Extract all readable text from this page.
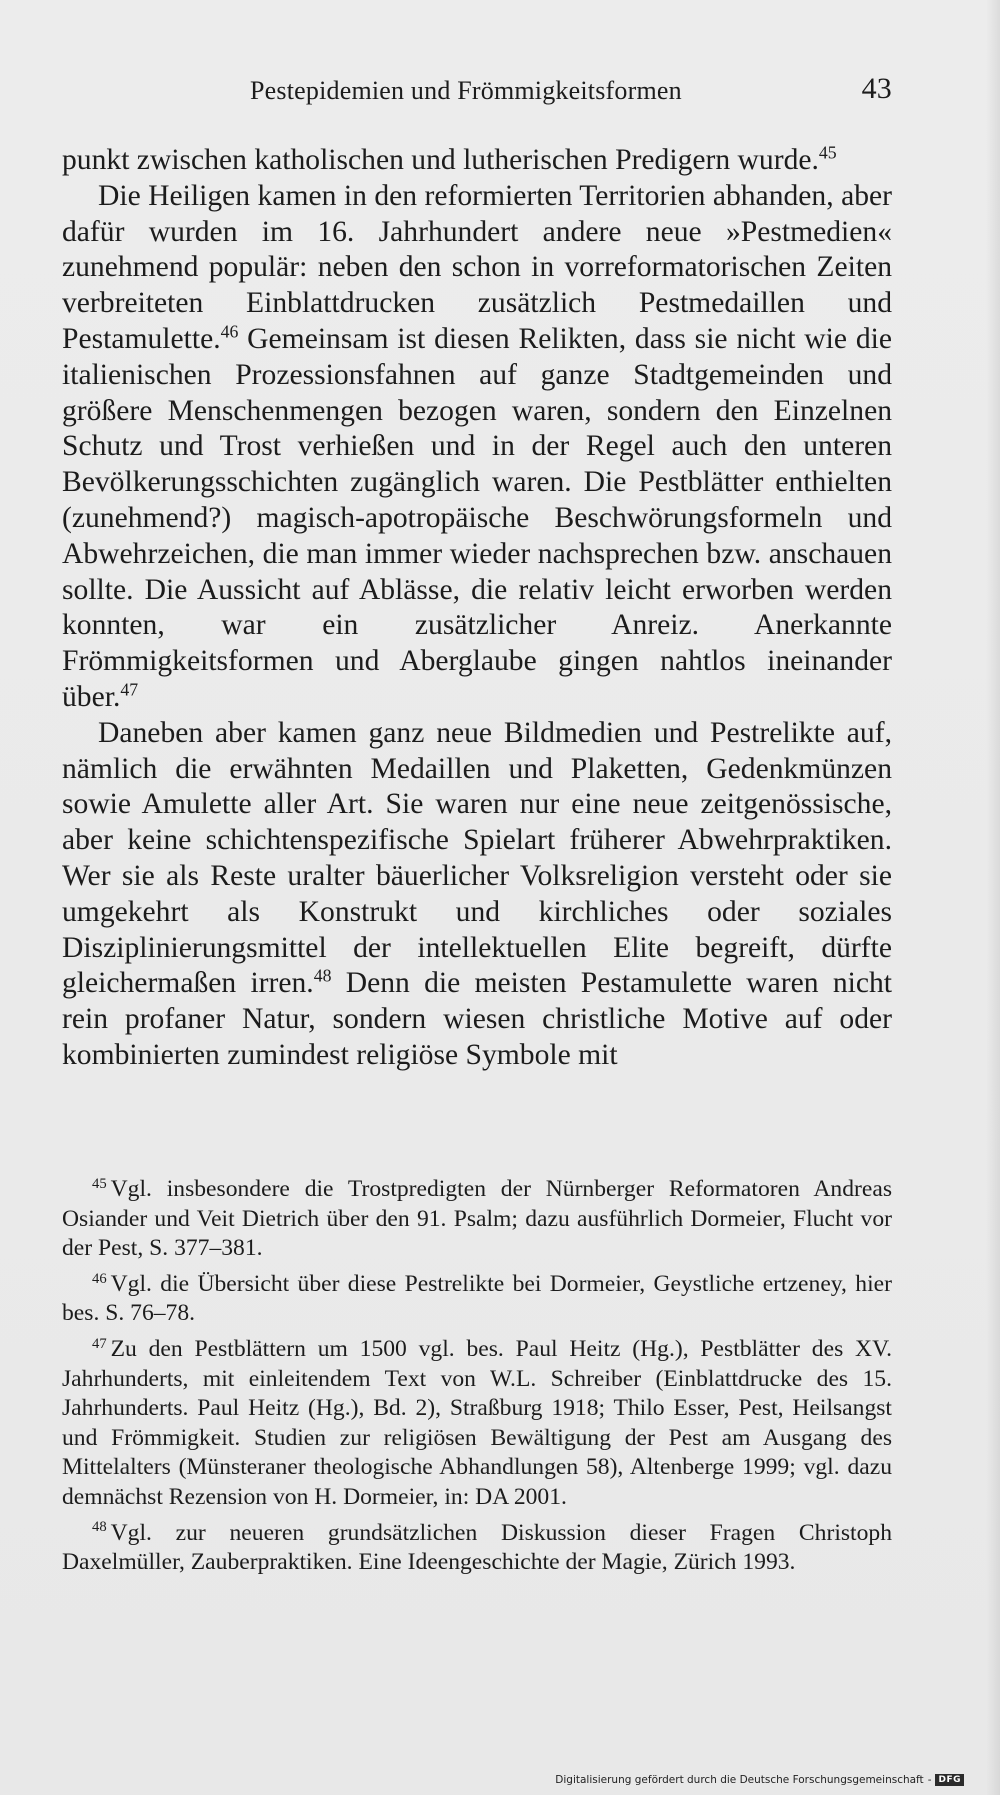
Pestepidemien und Frömmigkeitsformen	43

punkt zwischen katholischen und lutherischen Predigern wurde.$^{45}$

Die Heiligen kamen in den reformierten Territorien abhanden, aber dafür wurden im 16. Jahrhundert andere neue »Pestmedien« zunehmend populär: neben den schon in vorreformatorischen Zeiten verbreiteten Einblattdrucken zusätzlich Pestmedaillen und Pestamulette.$^{46}$ Gemeinsam ist diesen Relikten, dass sie nicht wie die italienischen Prozessionsfahnen auf ganze Stadtgemeinden und größere Menschenmengen bezogen waren, sondern den Einzelnen Schutz und Trost verhießen und in der Regel auch den unteren Bevölkerungsschichten zugänglich waren. Die Pestblätter enthielten (zunehmend?) magisch-apotropäische Beschwörungsformeln und Abwehrzeichen, die man immer wieder nachsprechen bzw. anschauen sollte. Die Aussicht auf Ablässe, die relativ leicht erworben werden konnten, war ein zusätzlicher Anreiz. Anerkannte Frömmigkeitsformen und Aberglaube gingen nahtlos ineinander über.$^{47}$

Daneben aber kamen ganz neue Bildmedien und Pestrelikte auf, nämlich die erwähnten Medaillen und Plaketten, Gedenkmünzen sowie Amulette aller Art. Sie waren nur eine neue zeitgenössische, aber keine schichtenspezifische Spielart früherer Abwehrpraktiken. Wer sie als Reste uralter bäuerlicher Volksreligion versteht oder sie umgekehrt als Konstrukt und kirchliches oder soziales Disziplinierungsmittel der intellektuellen Elite begreift, dürfte gleichermaßen irren.$^{48}$ Denn die meisten Pestamulette waren nicht rein profaner Natur, sondern wiesen christliche Motive auf oder kombinierten zumindest religiöse Symbole mit

$^{45}$ Vgl. insbesondere die Trostpredigten der Nürnberger Reformatoren Andreas Osiander und Veit Dietrich über den 91. Psalm; dazu ausführlich Dormeier, Flucht vor der Pest, S. 377–381.

$^{46}$ Vgl. die Übersicht über diese Pestrelikte bei Dormeier, Geystliche ertzeney, hier bes. S. 76–78.

$^{47}$ Zu den Pestblättern um 1500 vgl. bes. Paul Heitz (Hg.), Pestblätter des XV. Jahrhunderts, mit einleitendem Text von W.L. Schreiber (Einblattdrucke des 15. Jahrhunderts. Paul Heitz (Hg.), Bd. 2), Straßburg 1918; Thilo Esser, Pest, Heilsangst und Frömmigkeit. Studien zur religiösen Bewältigung der Pest am Ausgang des Mittelalters (Münsteraner theologische Abhandlungen 58), Altenberge 1999; vgl. dazu demnächst Rezension von H. Dormeier, in: DA 2001.

$^{48}$ Vgl. zur neueren grundsätzlichen Diskussion dieser Fragen Christoph Daxelmüller, Zauberpraktiken. Eine Ideengeschichte der Magie, Zürich 1993.

Digitalisierung gefördert durch die Deutsche Forschungsgemeinschaft - DFG
